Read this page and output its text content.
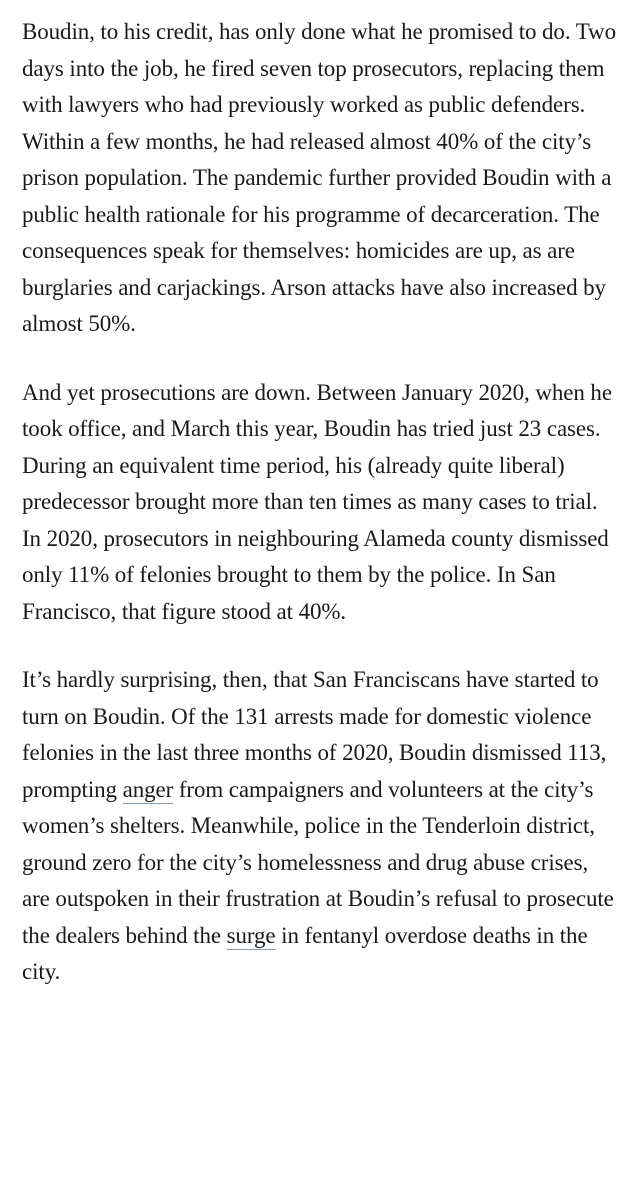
Boudin, to his credit, has only done what he promised to do. Two days into the job, he fired seven top prosecutors, replacing them with lawyers who had previously worked as public defenders. Within a few months, he had released almost 40% of the city’s prison population. The pandemic further provided Boudin with a public health rationale for his programme of decarceration. The consequences speak for themselves: homicides are up, as are burglaries and carjackings. Arson attacks have also increased by almost 50%.

And yet prosecutions are down. Between January 2020, when he took office, and March this year, Boudin has tried just 23 cases. During an equivalent time period, his (already quite liberal) predecessor brought more than ten times as many cases to trial. In 2020, prosecutors in neighbouring Alameda county dismissed only 11% of felonies brought to them by the police. In San Francisco, that figure stood at 40%.

It’s hardly surprising, then, that San Franciscans have started to turn on Boudin. Of the 131 arrests made for domestic violence felonies in the last three months of 2020, Boudin dismissed 113, prompting anger from campaigners and volunteers at the city’s women’s shelters. Meanwhile, police in the Tenderloin district, ground zero for the city’s homelessness and drug abuse crises, are outspoken in their frustration at Boudin’s refusal to prosecute the dealers behind the surge in fentanyl overdose deaths in the city.
